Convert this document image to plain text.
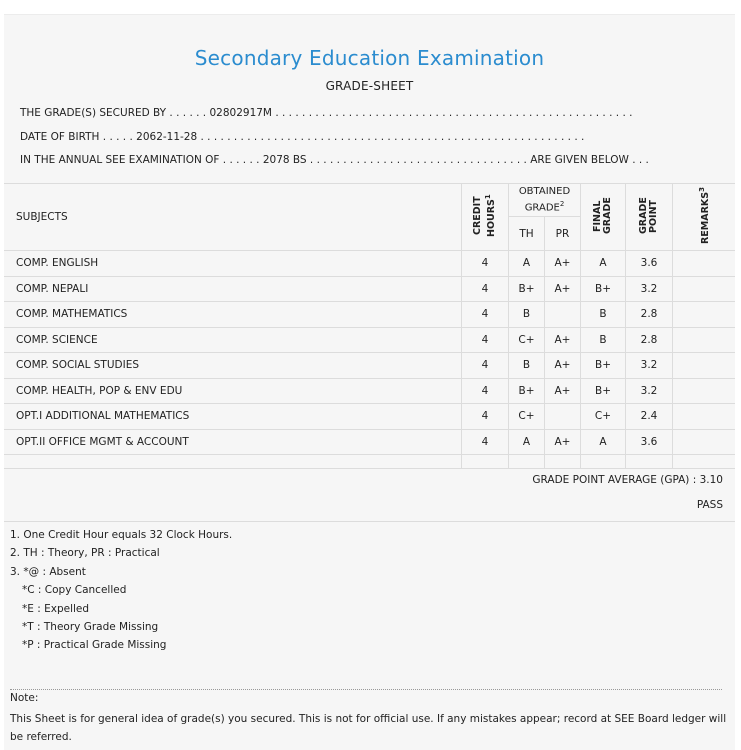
Secondary Education Examination
GRADE-SHEET
THE GRADE(S) SECURED BY . . . . . . 02802917M . . . . . . . . . . . . . . . . . . . . . . . . . . . . . . . . . . . . . . . . . . . . . . . . . . . . . .
DATE OF BIRTH . . . . . 2062-11-28 . . . . . . . . . . . . . . . . . . . . . . . . . . . . . . . . . . . . . . . . . . . . . . . . . . . . . . . . . .
IN THE ANNUAL SEE EXAMINATION OF . . . . . . 2078 BS . . . . . . . . . . . . . . . . . . . . . . . . . . . . . . . . . ARE GIVEN BELOW . . .
SUBJECTS	CREDIT HOURS$^1$	OBTAINED GRADE$^2$		FINAL GRADE	GRADE POINT	REMARKS$^3$
		TH	PR			
COMP. ENGLISH	4	A	A+	A	3.6	
COMP. NEPALI	4	B+	A+	B+	3.2	
COMP. MATHEMATICS	4	B		B	2.8	
COMP. SCIENCE	4	C+	A+	B	2.8	
COMP. SOCIAL STUDIES	4	B	A+	B+	3.2	
COMP. HEALTH, POP & ENV EDU	4	B+	A+	B+	3.2	
OPT.I ADDITIONAL MATHEMATICS	4	C+		C+	2.4	
OPT.II OFFICE MGMT & ACCOUNT	4	A	A+	A	3.6	

GRADE POINT AVERAGE (GPA) : 3.10
PASS
1. One Credit Hour equals 32 Clock Hours.
2. TH : Theory, PR : Practical
3. *@ : Absent
*C : Copy Cancelled
*E : Expelled
*T : Theory Grade Missing
*P : Practical Grade Missing
Note:
This Sheet is for general idea of grade(s) you secured. This is not for official use. If any mistakes appear; record at SEE Board ledger will be referred.
